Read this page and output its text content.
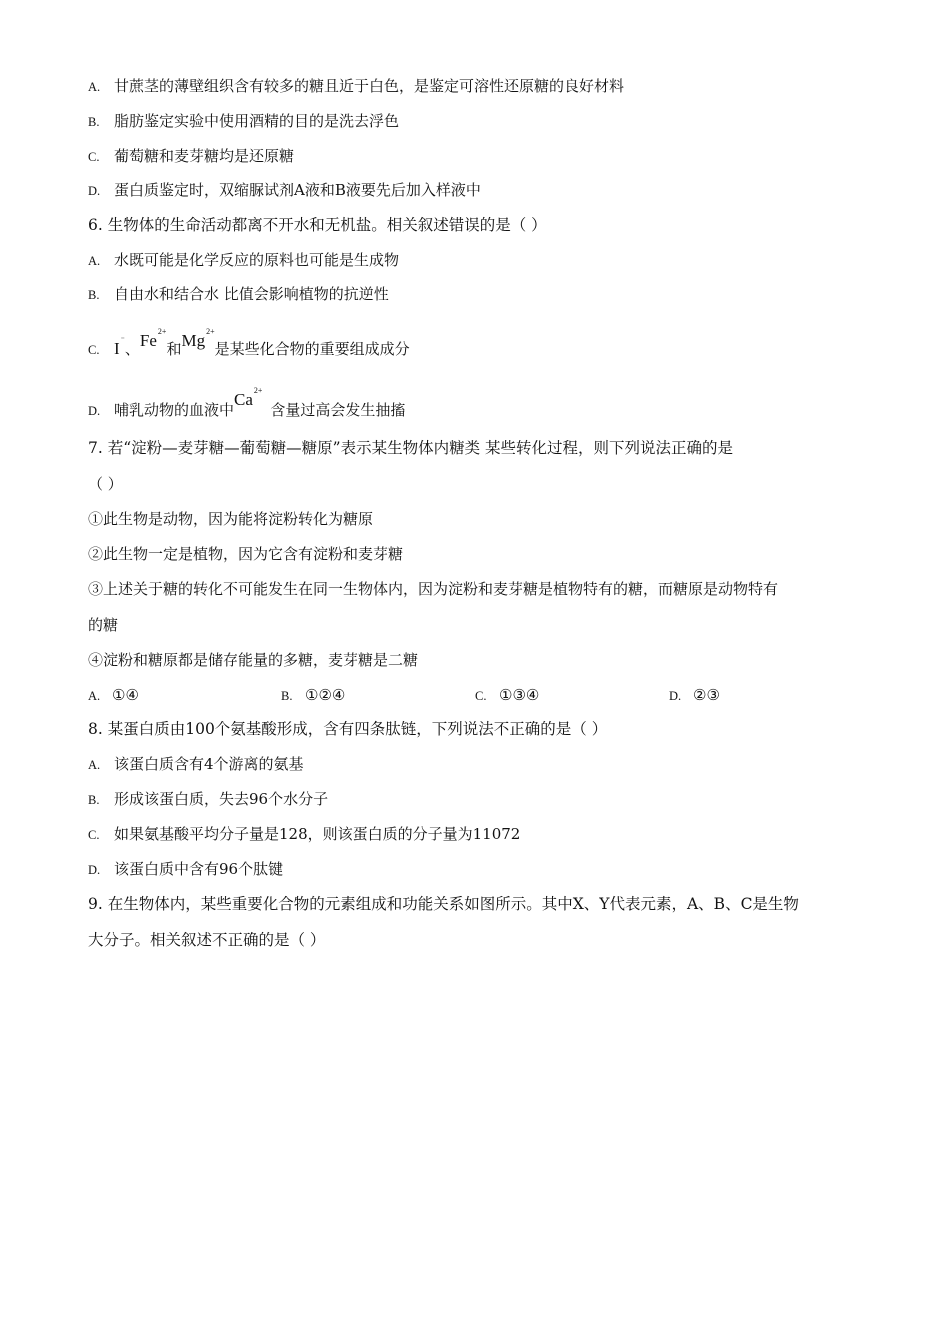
A. 甘蔗茎的薄壁组织含有较多的糖且近于白色，是鉴定可溶性还原糖的良好材料
B. 脂肪鉴定实验中使用酒精的目的是洗去浮色
C. 葡萄糖和麦芽糖均是还原糖
D. 蛋白质鉴定时，双缩脲试剂A液和B液要先后加入样液中
6. 生物体的生命活动都离不开水和无机盐。相关叙述错误的是（ ）
A. 水既可能是化学反应的原料也可能是生成物
B. 自由水和结合水 比值会影响植物的抗逆性
C. I⁻、$Fe^{2+}$和$Mg^{2+}$是某些化合物的重要组成成分
D. 哺乳动物的血液中$Ca^{2+}$含量过高会发生抽搐
7. 若“淀粉—麦芽糖—葡萄糖—糖原”表示某生物体内糖类 某些转化过程，则下列说法正确的是
（ ）
①此生物是动物，因为能将淀粉转化为糖原
②此生物一定是植物，因为它含有淀粉和麦芽糖
③上述关于糖的转化不可能发生在同一生物体内，因为淀粉和麦芽糖是植物特有的糖，而糖原是动物特有
的糖
④淀粉和糖原都是储存能量的多糖，麦芽糖是二糖
A. ①④	B. ①②④	C. ①③④	D. ②③
8. 某蛋白质由100个氨基酸形成，含有四条肽链，下列说法不正确的是（ ）
A. 该蛋白质含有4个游离的氨基
B. 形成该蛋白质，失去96个水分子
C. 如果氨基酸平均分子量是128，则该蛋白质的分子量为11072
D. 该蛋白质中含有96个肽键
9. 在生物体内，某些重要化合物的元素组成和功能关系如图所示。其中X、Y代表元素，A、B、C是生物
大分子。相关叙述不正确的是（ ）
